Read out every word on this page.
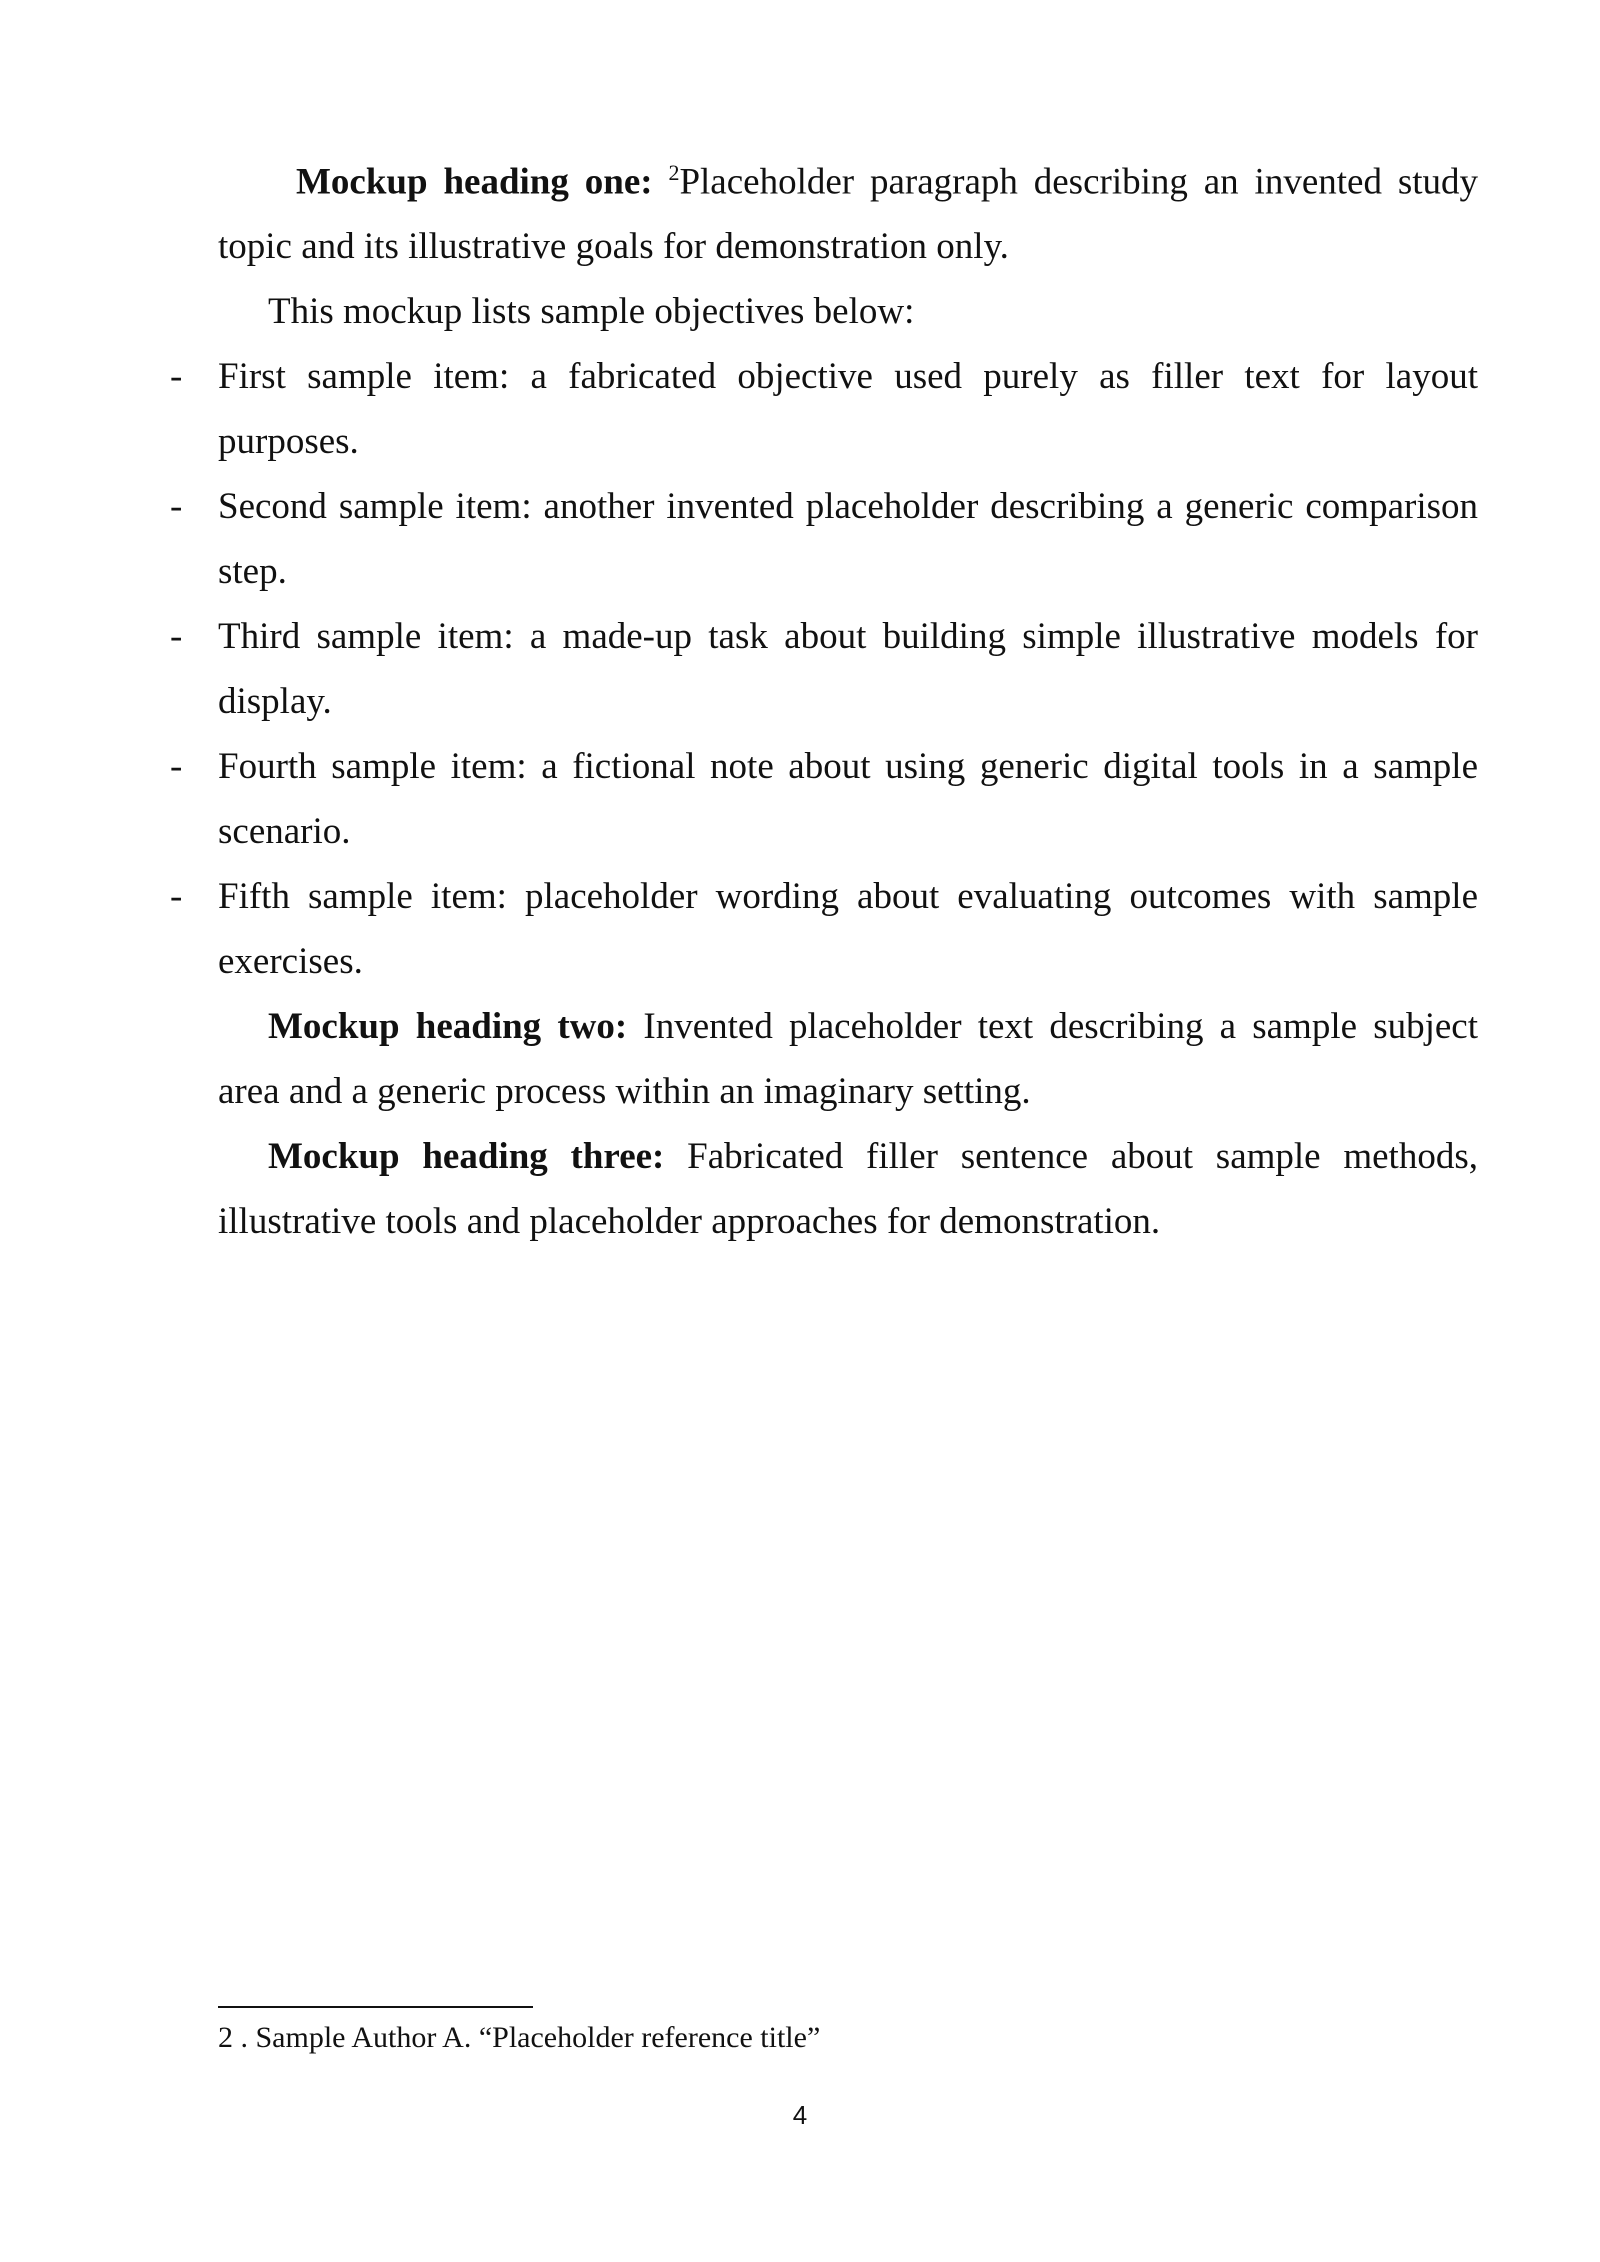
Mockup heading one: $^2$Placeholder paragraph describing an invented study topic and its illustrative goals for demonstration only.

This mockup lists sample objectives below:

- First sample item: a fabricated objective used purely as filler text for layout purposes.

- Second sample item: another invented placeholder describing a generic comparison step.

- Third sample item: a made-up task about building simple illustrative models for display.

- Fourth sample item: a fictional note about using generic digital tools in a sample scenario.

- Fifth sample item: placeholder wording about evaluating outcomes with sample exercises.

Mockup heading two: Invented placeholder text describing a sample subject area and a generic process within an imaginary setting.

Mockup heading three: Fabricated filler sentence about sample methods, illustrative tools and placeholder approaches for demonstration.

2 . Sample Author A. “Placeholder reference title”
4
